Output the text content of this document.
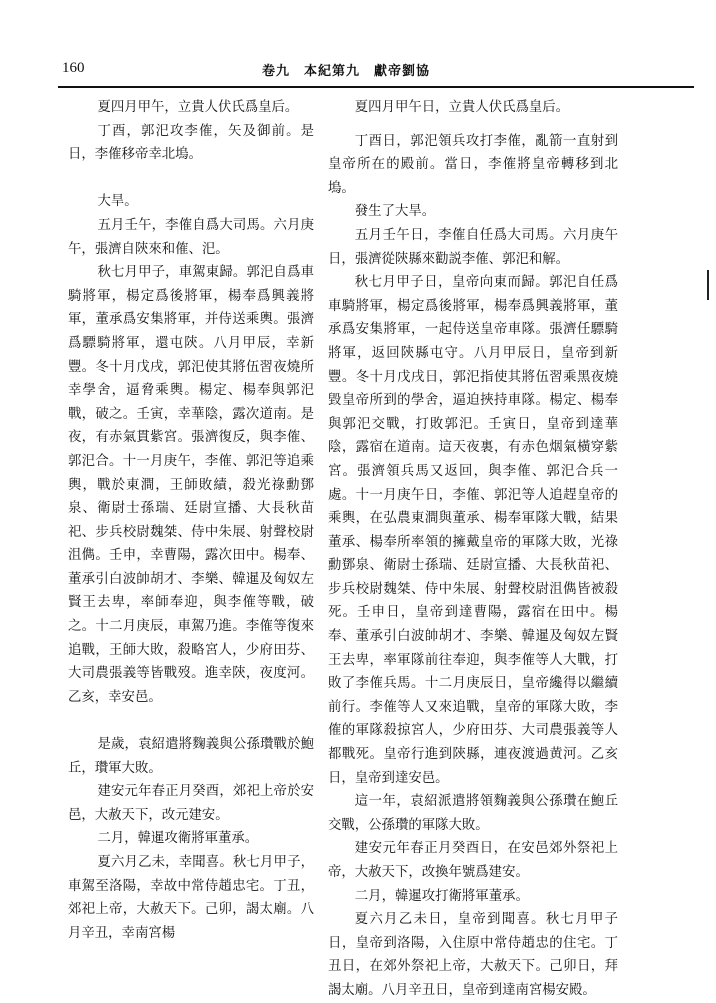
160	卷九　本紀第九　獻帝劉協

夏四月甲午，立貴人伏氏爲皇后。

丁酉，郭汜攻李傕，矢及御前。是日，李傕移帝幸北塢。

大旱。

五月壬午，李傕自爲大司馬。六月庚午，張濟自陝來和傕、汜。

秋七月甲子，車駕東歸。郭汜自爲車騎將軍，楊定爲後將軍，楊奉爲興義將軍，董承爲安集將軍，并侍送乘輿。張濟爲驃騎將軍，還屯陝。八月甲辰，幸新豐。冬十月戊戌，郭汜使其將伍習夜燒所幸學舍，逼脅乘輿。楊定、楊奉與郭汜戰，破之。壬寅，幸華陰，露次道南。是夜，有赤氣貫紫宮。張濟復反，與李傕、郭汜合。十一月庚午，李傕、郭汜等追乘輿，戰於東澗，王師敗績，殺光祿勳鄧泉、衛尉士孫瑞、廷尉宣播、大長秋苗祀、步兵校尉魏桀、侍中朱展、射聲校尉沮儁。壬申，幸曹陽，露次田中。楊奉、董承引白波帥胡才、李樂、韓暹及匈奴左賢王去卑，率師奉迎，與李傕等戰，破之。十二月庚辰，車駕乃進。李傕等復來追戰，王師大敗，殺略宮人，少府田芬、大司農張義等皆戰歿。進幸陝，夜度河。乙亥，幸安邑。

是歲，袁紹遣將麴義與公孫瓚戰於鮑丘，瓚軍大敗。

建安元年春正月癸酉，郊祀上帝於安邑，大赦天下，改元建安。

二月，韓暹攻衛將軍董承。

夏六月乙未，幸聞喜。秋七月甲子，車駕至洛陽，幸故中常侍趙忠宅。丁丑，郊祀上帝，大赦天下。己卯，謁太廟。八月辛丑，幸南宮楊

夏四月甲午日，立貴人伏氏爲皇后。

丁酉日，郭汜領兵攻打李傕，亂箭一直射到皇帝所在的殿前。當日，李傕將皇帝轉移到北塢。

發生了大旱。

五月壬午日，李傕自任爲大司馬。六月庚午日，張濟從陝縣來勸説李傕、郭汜和解。

秋七月甲子日，皇帝向東而歸。郭汜自任爲車騎將軍，楊定爲後將軍，楊奉爲興義將軍，董承爲安集將軍，一起侍送皇帝車隊。張濟任驃騎將軍，返回陝縣屯守。八月甲辰日，皇帝到新豐。冬十月戊戌日，郭汜指使其將伍習乘黑夜燒毀皇帝所到的學舍，逼迫挾持車隊。楊定、楊奉與郭汜交戰，打敗郭汜。壬寅日，皇帝到達華陰，露宿在道南。這天夜裏，有赤色烟氣橫穿紫宮。張濟領兵馬又返回，與李傕、郭汜合兵一處。十一月庚午日，李傕、郭汜等人追趕皇帝的乘輿，在弘農東澗與董承、楊奉軍隊大戰，結果董承、楊奉所率領的擁戴皇帝的軍隊大敗，光祿勳鄧泉、衛尉士孫瑞、廷尉宣播、大長秋苗祀、步兵校尉魏桀、侍中朱展、射聲校尉沮儁皆被殺死。壬申日，皇帝到達曹陽，露宿在田中。楊奉、董承引白波帥胡才、李樂、韓暹及匈奴左賢王去卑，率軍隊前往奉迎，與李傕等人大戰，打敗了李傕兵馬。十二月庚辰日，皇帝纔得以繼續前行。李傕等人又來追戰，皇帝的軍隊大敗，李傕的軍隊殺掠宮人，少府田芬、大司農張義等人都戰死。皇帝行進到陝縣，連夜渡過黄河。乙亥日，皇帝到達安邑。

這一年，袁紹派遣將領麴義與公孫瓚在鮑丘交戰，公孫瓚的軍隊大敗。

建安元年春正月癸酉日，在安邑郊外祭祀上帝，大赦天下，改換年號爲建安。

二月，韓暹攻打衛將軍董承。

夏六月乙未日，皇帝到聞喜。秋七月甲子日，皇帝到洛陽，入住原中常侍趙忠的住宅。丁丑日，在郊外祭祀上帝，大赦天下。己卯日，拜謁太廟。八月辛丑日，皇帝到達南宮楊安殿。
